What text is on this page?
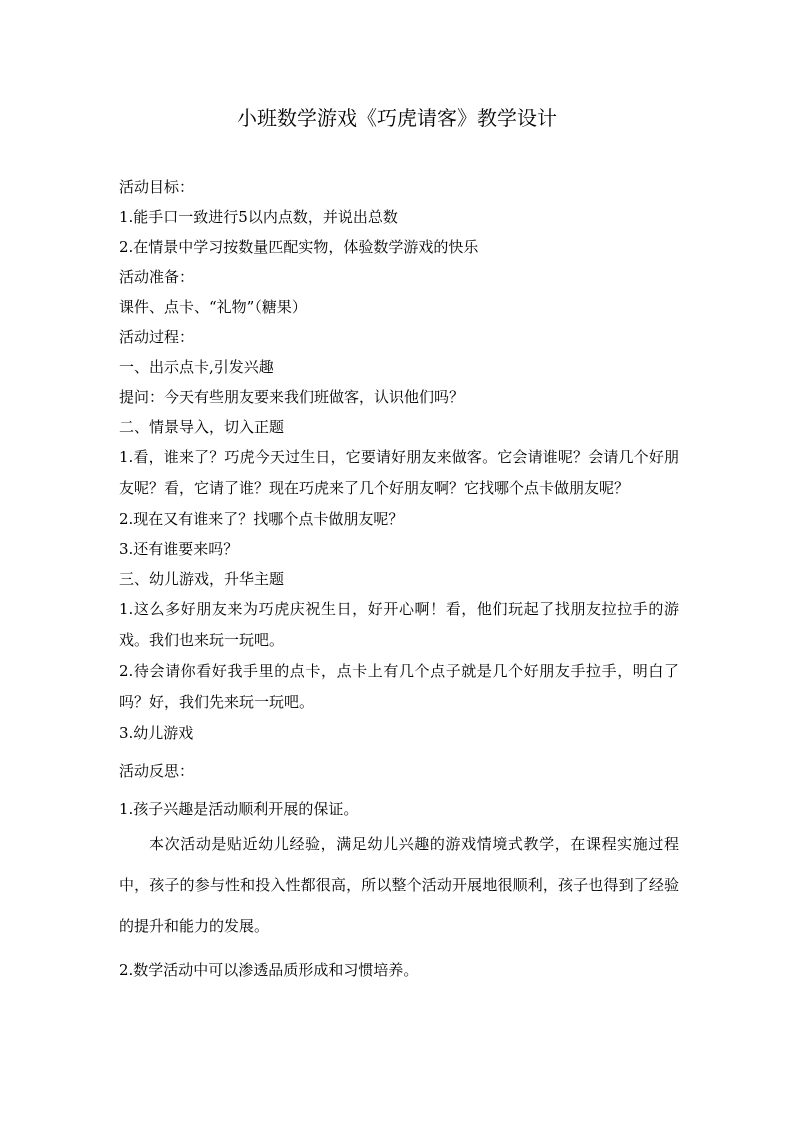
小班数学游戏《巧虎请客》教学设计

活动目标：

1.能手口一致进行5以内点数，并说出总数

2.在情景中学习按数量匹配实物，体验数学游戏的快乐

活动准备：

课件、点卡、“礼物”（糖果）

活动过程：

一、出示点卡,引发兴趣

提问：今天有些朋友要来我们班做客，认识他们吗？

二、情景导入，切入正题

1.看，谁来了？巧虎今天过生日，它要请好朋友来做客。它会请谁呢？会请几个好朋友呢？看，它请了谁？现在巧虎来了几个好朋友啊？它找哪个点卡做朋友呢？

2.现在又有谁来了？找哪个点卡做朋友呢？

3.还有谁要来吗？

三、幼儿游戏，升华主题

1.这么多好朋友来为巧虎庆祝生日，好开心啊！看，他们玩起了找朋友拉拉手的游戏。我们也来玩一玩吧。

2.待会请你看好我手里的点卡，点卡上有几个点子就是几个好朋友手拉手，明白了吗？好，我们先来玩一玩吧。

3.幼儿游戏

活动反思：

1.孩子兴趣是活动顺利开展的保证。

本次活动是贴近幼儿经验，满足幼儿兴趣的游戏情境式教学，在课程实施过程中，孩子的参与性和投入性都很高，所以整个活动开展地很顺利，孩子也得到了经验的提升和能力的发展。

2.数学活动中可以渗透品质形成和习惯培养。
